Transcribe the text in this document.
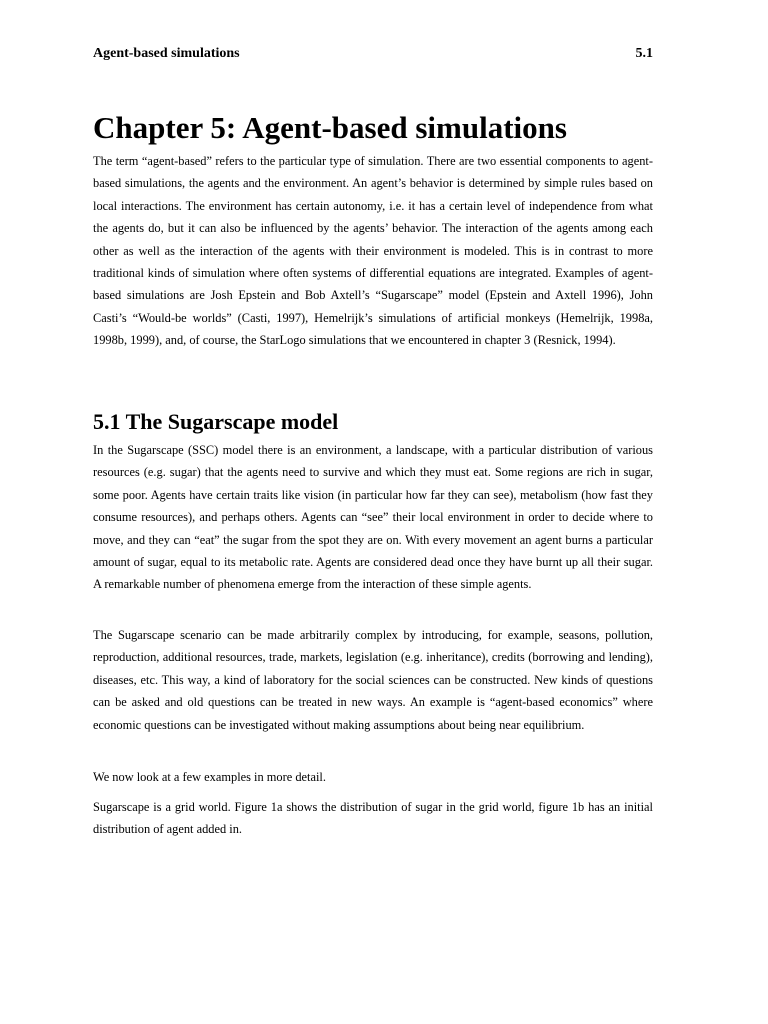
Agent-based simulations	5.1
Chapter 5: Agent-based simulations

The term “agent-based” refers to the particular type of simulation. There are two essential components to agent-based simulations, the agents and the environment. An agent’s behavior is determined by simple rules based on local interactions. The environment has certain autonomy, i.e. it has a certain level of independence from what the agents do, but it can also be influenced by the agents’ behavior. The interaction of the agents among each other as well as the interaction of the agents with their environment is modeled. This is in contrast to more traditional kinds of simulation where often systems of differential equations are integrated. Examples of agent-based simulations are Josh Epstein and Bob Axtell’s “Sugarscape” model (Epstein and Axtell 1996), John Casti’s “Would-be worlds” (Casti, 1997), Hemelrijk’s simulations of artificial monkeys (Hemelrijk, 1998a, 1998b, 1999), and, of course, the StarLogo simulations that we encountered in chapter 3 (Resnick, 1994).

5.1 The Sugarscape model

In the Sugarscape (SSC) model there is an environment, a landscape, with a particular distribution of various resources (e.g. sugar) that the agents need to survive and which they must eat. Some regions are rich in sugar, some poor. Agents have certain traits like vision (in particular how far they can see), metabolism (how fast they consume resources), and perhaps others. Agents can “see” their local environment in order to decide where to move, and they can “eat” the sugar from the spot they are on. With every movement an agent burns a particular amount of sugar, equal to its metabolic rate. Agents are considered dead once they have burnt up all their sugar. A remarkable number of phenomena emerge from the interaction of these simple agents.

The Sugarscape scenario can be made arbitrarily complex by introducing, for example, seasons, pollution, reproduction, additional resources, trade, markets, legislation (e.g. inheritance), credits (borrowing and lending), diseases, etc. This way, a kind of laboratory for the social sciences can be constructed. New kinds of questions can be asked and old questions can be treated in new ways. An example is “agent-based economics” where economic questions can be investigated without making assumptions about being near equilibrium.

We now look at a few examples in more detail.

Sugarscape is a grid world. Figure 1a shows the distribution of sugar in the grid world, figure 1b has an initial distribution of agent added in.
